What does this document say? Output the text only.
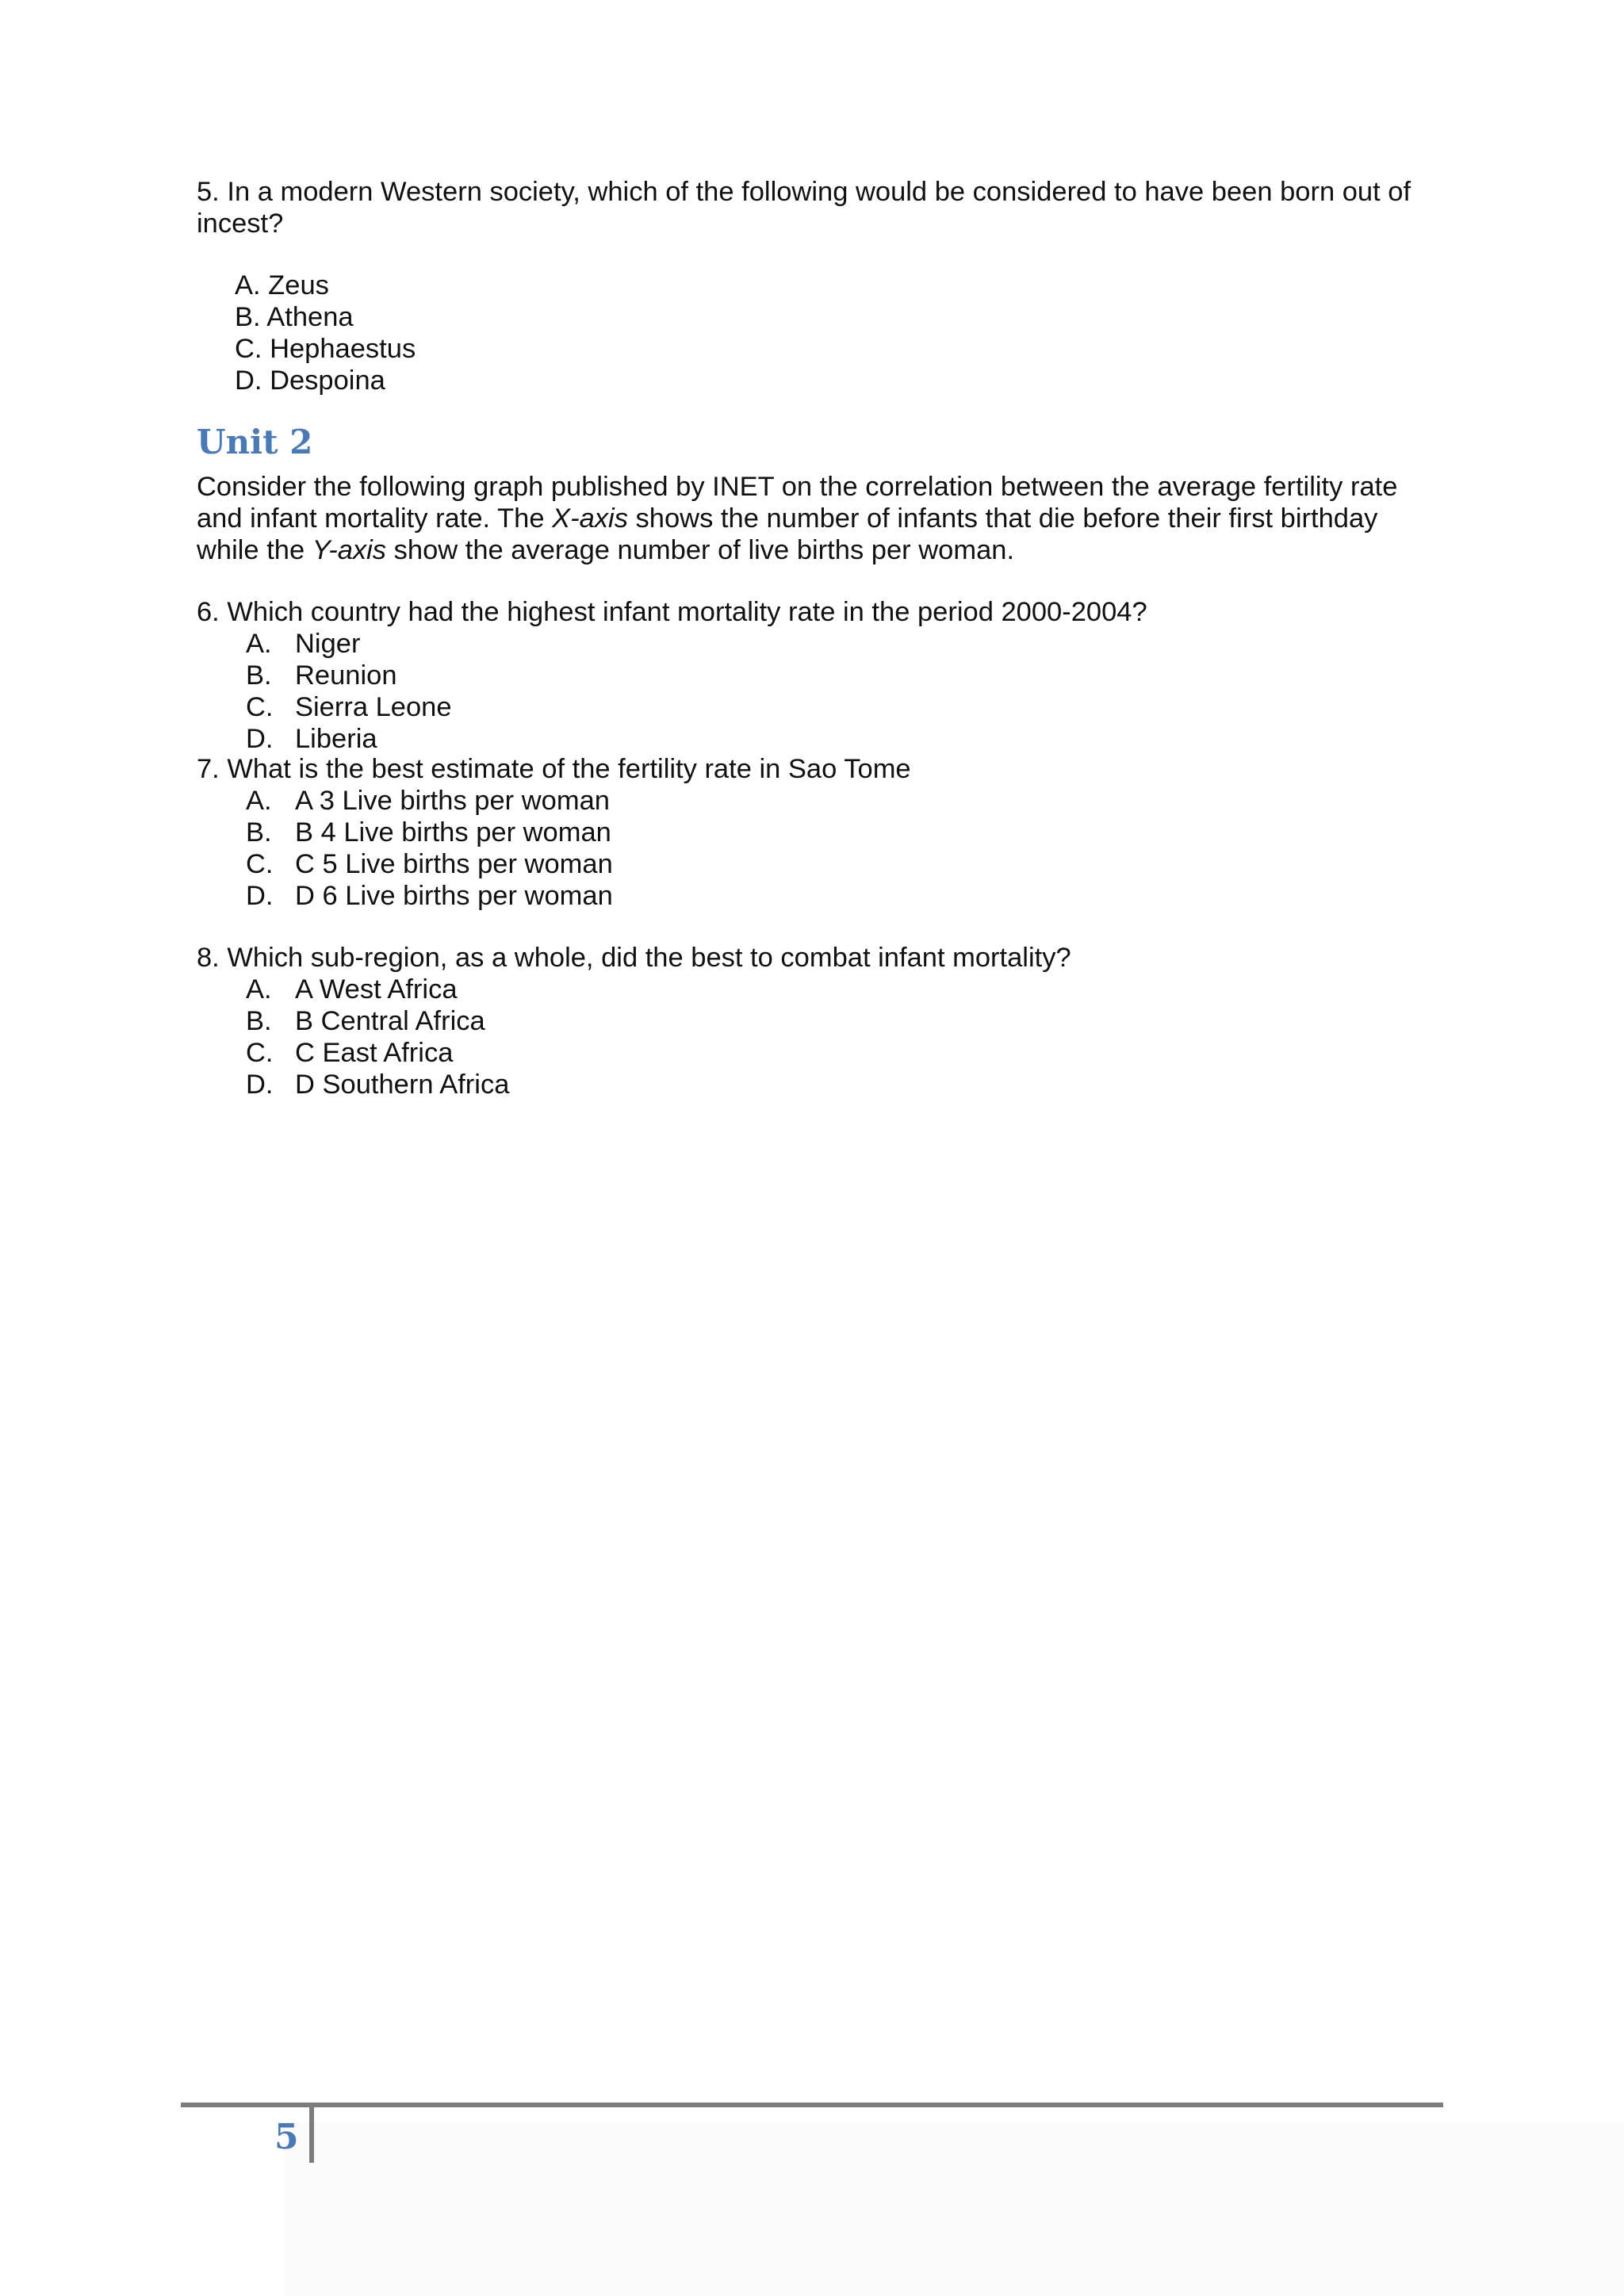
5. In a modern Western society, which of the following would be considered to have been born out of
incest?
A. Zeus
B. Athena
C. Hephaestus
D. Despoina
Unit 2
Consider the following graph published by INET on the correlation between the average fertility rate
and infant mortality rate. The X-axis shows the number of infants that die before their first birthday
while the Y-axis show the average number of live births per woman.
6. Which country had the highest infant mortality rate in the period 2000-2004?
A. Niger
B. Reunion
C. Sierra Leone
D. Liberia
7. What is the best estimate of the fertility rate in Sao Tome
A. A 3 Live births per woman
B. B 4 Live births per woman
C. C 5 Live births per woman
D. D 6 Live births per woman
8. Which sub-region, as a whole, did the best to combat infant mortality?
A. A West Africa
B. B Central Africa
C. C East Africa
D. D Southern Africa
5
